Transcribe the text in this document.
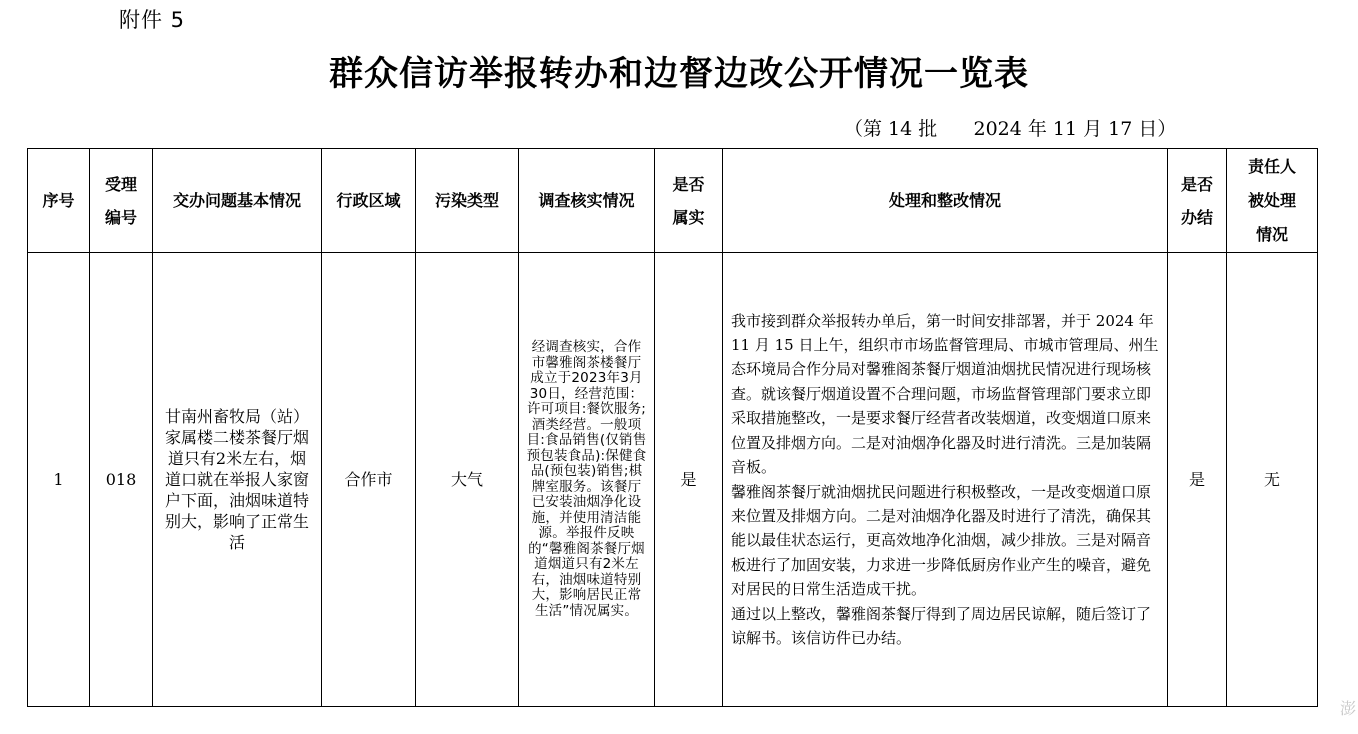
附件 5
群众信访举报转办和边督边改公开情况一览表
（第 14 批      2024 年 11 月 17 日）
序号	受理编号	交办问题基本情况	行政区域	污染类型	调查核实情况	是否属实	处理和整改情况	是否办结	责任人被处理情况

1	018	甘南州畜牧局（站）家属楼二楼茶餐厅烟道只有2米左右，烟道口就在举报人家窗户下面，油烟味道特别大，影响了正常生活	合作市	大气	经调查核实，合作市馨雅阁茶楼餐厅成立于2023年3月30日，经营范围：许可项目:餐饮服务;酒类经营。一般项目:食品销售(仅销售预包装食品):保健食品(预包装)销售;棋牌室服务。该餐厅已安装油烟净化设施，并使用清洁能源。举报件反映的“馨雅阁茶餐厅烟道烟道只有2米左右，油烟味道特别大，影响居民正常生活”情况属实。	是	我市接到群众举报转办单后，第一时间安排部署，并于 2024 年 11 月 15 日上午，组织市市场监督管理局、市城市管理局、州生态环境局合作分局对馨雅阁茶餐厅烟道油烟扰民情况进行现场核查。就该餐厅烟道设置不合理问题，市场监督管理部门要求立即采取措施整改，一是要求餐厅经营者改装烟道，改变烟道口原来位置及排烟方向。二是对油烟净化器及时进行清洗。三是加装隔音板。

馨雅阁茶餐厅就油烟扰民问题进行积极整改，一是改变烟道口原来位置及排烟方向。二是对油烟净化器及时进行了清洗，确保其能以最佳状态运行，更高效地净化油烟，减少排放。三是对隔音板进行了加固安装，力求进一步降低厨房作业产生的噪音，避免对居民的日常生活造成干扰。

通过以上整改，馨雅阁茶餐厅得到了周边居民谅解，随后签订了谅解书。该信访件已办结。	是	无
澎
